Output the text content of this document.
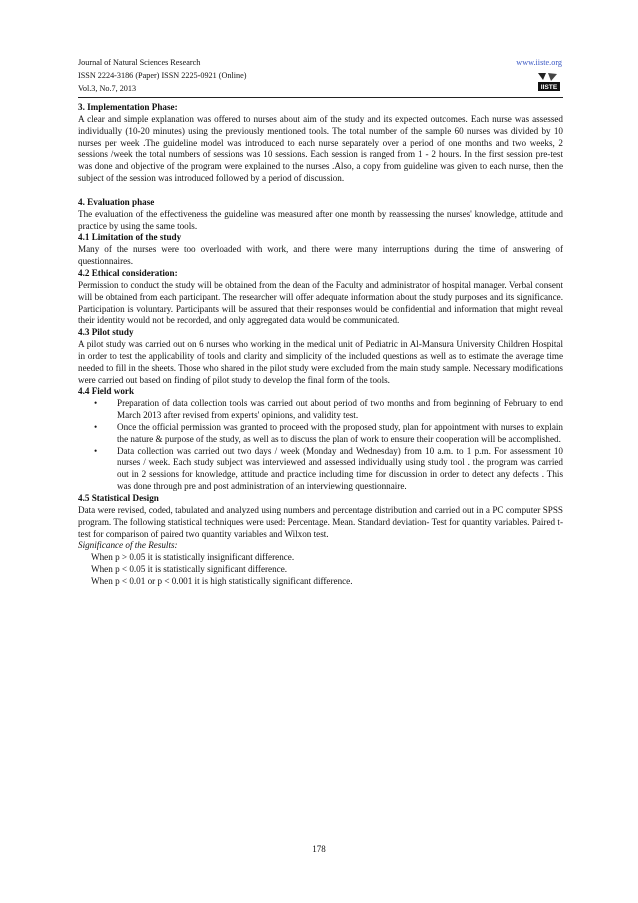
Journal of Natural Sciences Research
ISSN 2224-3186 (Paper) ISSN 2225-0921 (Online)
Vol.3, No.7, 2013
www.iiste.org
IISTE
3. Implementation Phase:

A clear and simple explanation was offered to nurses about aim of the study and its expected outcomes. Each nurse was assessed individually (10-20 minutes) using the previously mentioned tools. The total number of the sample 60 nurses was divided by 10 nurses per week .The guideline model was introduced to each nurse separately over a period of one months and two weeks, 2 sessions /week the total numbers of sessions was 10 sessions. Each session is ranged from 1 - 2 hours. In the first session pre-test was done and objective of the program were explained to the nurses .Also, a copy from guideline was given to each nurse, then the subject of the session was introduced followed by a period of discussion.

4. Evaluation phase

The evaluation of the effectiveness the guideline was measured after one month by reassessing the nurses' knowledge, attitude and practice by using the same tools.

4.1 Limitation of the study

Many of the nurses were too overloaded with work, and there were many interruptions during the time of answering of questionnaires.

4.2 Ethical consideration:

Permission to conduct the study will be obtained from the dean of the Faculty and administrator of hospital manager. Verbal consent will be obtained from each participant. The researcher will offer adequate information about the study purposes and its significance. Participation is voluntary. Participants will be assured that their responses would be confidential and information that might reveal their identity would not be recorded, and only aggregated data would be communicated.

4.3 Pilot study

A pilot study was carried out on 6 nurses who working in the medical unit of Pediatric in Al-Mansura University Children Hospital in order to test the applicability of tools and clarity and simplicity of the included questions as well as to estimate the average time needed to fill in the sheets. Those who shared in the pilot study were excluded from the main study sample. Necessary modifications were carried out based on finding of pilot study to develop the final form of the tools.

4.4 Field work
• Preparation of data collection tools was carried out about period of two months and from beginning of February to end March 2013 after revised from experts' opinions, and validity test.
• Once the official permission was granted to proceed with the proposed study, plan for appointment with nurses to explain the nature & purpose of the study, as well as to discuss the plan of work to ensure their cooperation will be accomplished.
• Data collection was carried out two days / week (Monday and Wednesday) from 10 a.m. to 1 p.m. For assessment 10 nurses / week. Each study subject was interviewed and assessed individually using study tool . the program was carried out in 2 sessions for knowledge, attitude and practice including time for discussion in order to detect any defects . This was done through pre and post administration of an interviewing questionnaire.
4.5 Statistical Design

Data were revised, coded, tabulated and analyzed using numbers and percentage distribution and carried out in a PC computer SPSS program. The following statistical techniques were used: Percentage. Mean. Standard deviation- Test for quantity variables. Paired t-test for comparison of paired two quantity variables and Wilxon test.

Significance of the Results:

When p > 0.05 it is statistically insignificant difference.

When p < 0.05 it is statistically significant difference.

When p < 0.01 or p < 0.001 it is high statistically significant difference.

178
